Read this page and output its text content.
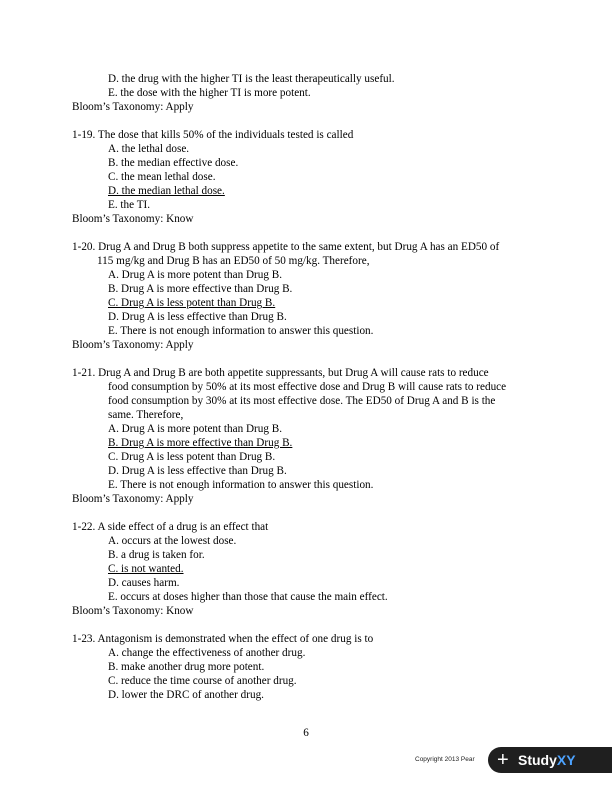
D. the drug with the higher TI is the least therapeutically useful.
E. the dose with the higher TI is more potent.
Bloom’s Taxonomy: Apply
1-19. The dose that kills 50% of the individuals tested is called
A. the lethal dose.
B. the median effective dose.
C. the mean lethal dose.
D. the median lethal dose.
E. the TI.
Bloom’s Taxonomy: Know
1-20. Drug A and Drug B both suppress appetite to the same extent, but Drug A has an ED50 of
115 mg/kg and Drug B has an ED50 of 50 mg/kg. Therefore,
A. Drug A is more potent than Drug B.
B. Drug A is more effective than Drug B.
C. Drug A is less potent than Drug B.
D. Drug A is less effective than Drug B.
E. There is not enough information to answer this question.
Bloom’s Taxonomy: Apply
1-21. Drug A and Drug B are both appetite suppressants, but Drug A will cause rats to reduce
food consumption by 50% at its most effective dose and Drug B will cause rats to reduce
food consumption by 30% at its most effective dose. The ED50 of Drug A and B is the
same. Therefore,
A. Drug A is more potent than Drug B.
B. Drug A is more effective than Drug B.
C. Drug A is less potent than Drug B.
D. Drug A is less effective than Drug B.
E. There is not enough information to answer this question.
Bloom’s Taxonomy: Apply
1-22. A side effect of a drug is an effect that
A. occurs at the lowest dose.
B. a drug is taken for.
C. is not wanted.
D. causes harm.
E. occurs at doses higher than those that cause the main effect.
Bloom’s Taxonomy: Know
1-23. Antagonism is demonstrated when the effect of one drug is to
A. change the effectiveness of another drug.
B. make another drug more potent.
C. reduce the time course of another drug.
D. lower the DRC of another drug.
6
Copyright 2013 Pear + StudyXY
